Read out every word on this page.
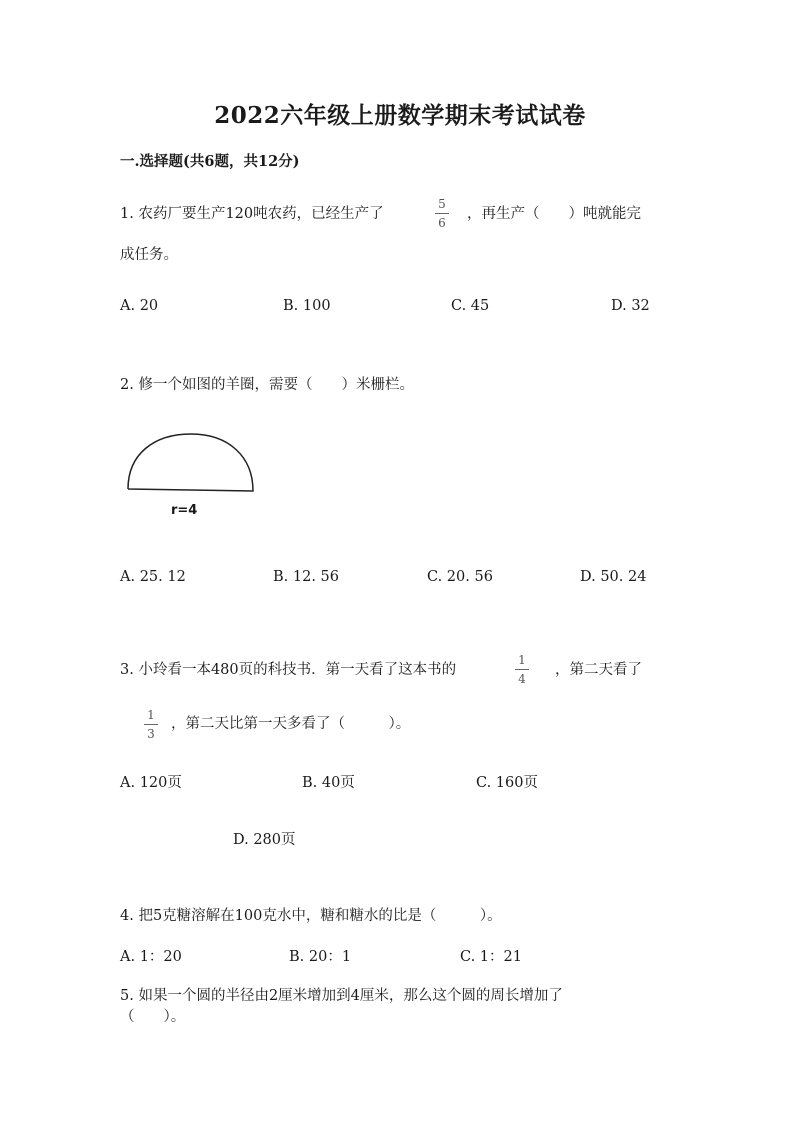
2022六年级上册数学期末考试试卷
一.选择题(共6题，共12分)
1. 农药厂要生产120吨农药，已经生产了
5
6
，再生产（　　）吨就能完
成任务。
A. 20	B. 100	C. 45	D. 32
2. 修一个如图的羊圈，需要（　　）米栅栏。
r=4
A. 25. 12	B. 12. 56	C. 20. 56	D. 50. 24
3. 小玲看一本480页的科技书．第一天看了这本书的
1
4
，第二天看了
1
3
，第二天比第一天多看了（　　　）。
A. 120页	B. 40页	C. 160页
D. 280页
4. 把5克糖溶解在100克水中，糖和糖水的比是（　　　）。
A. 1：20	B. 20：1	C. 1：21
5. 如果一个圆的半径由2厘米增加到4厘米，那么这个圆的周长增加了
（　　）。
